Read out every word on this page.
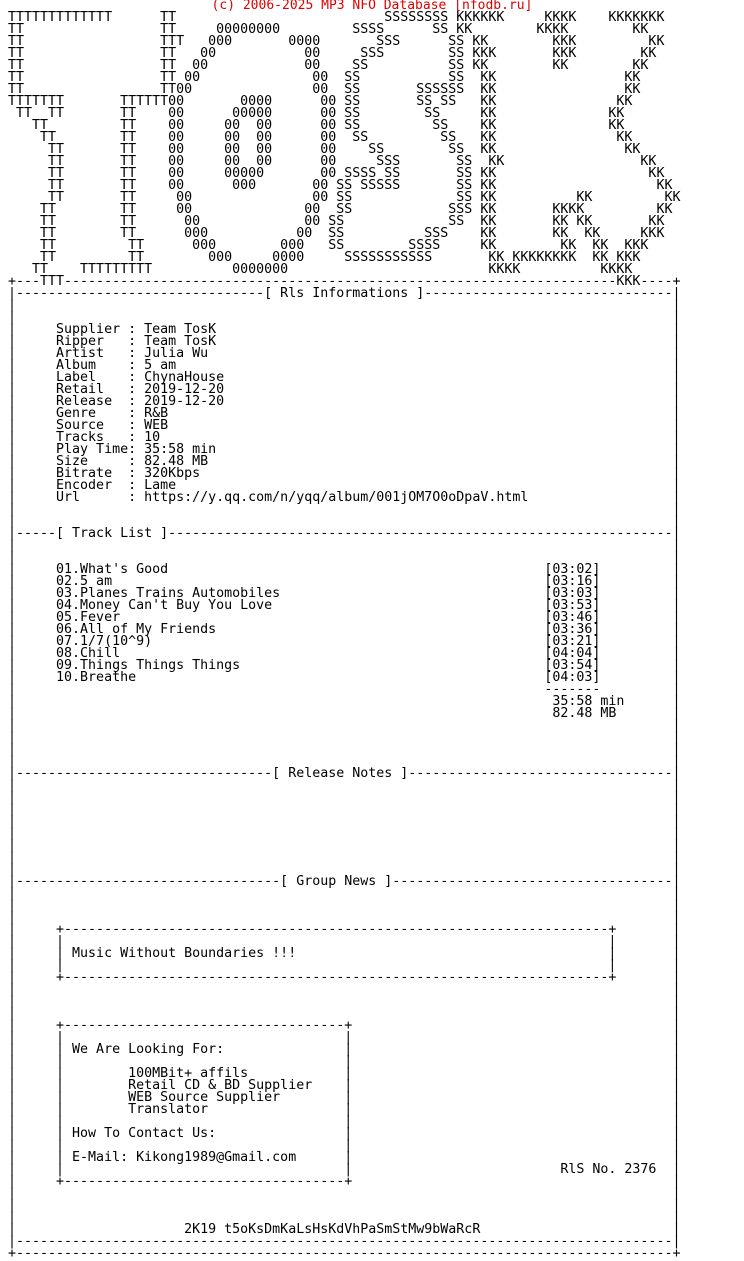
(c) 2006-2025 MP3 NFO Database [nfodb.ru]
TTTTTTTTTTTTT      TT                          SSSSSSSS KKKKKK     KKKK    KKKKKKK
TT                 TT     00000000         SSSS      SS KK        KKKK        KK
TT                 TTT   000       0000       SSS      SS KK        KKK         KK
TT                 TT   00           00     SSS        SS KKK       KKK        KK
TT                 TT  00            00    SS          SS KK        KK        KK
TT                 TT 00              00  SS           SS  KK                KK
TT                 TT00               00  SS       SSSSSS  KK                KK
TTTTTTT       TTTTTT00       0000      00 SS       SS SS   KK               KK
TT  TT       TT    00      00000      00 SS        SS     KK              KK
TT         TT    00     00  00      00 SS         SS    KK              KK
TT        TT    00     00  00      00  SS         SS   KK               KK
TT       TT    00     00  00      00    SS        SS  KK                KK
TT       TT    00     00  00      00     SSS       SS  KK                 KK
TT       TT    00     00000       00 SSSS SS       SS KK                   KK
TT       TT    00      000       00 SS SSSSS       SS KK                    KK
TT       TT     00               00 SS             SS KK          KK         KK
TT        TT     00              00  SS            SSS KK       KKKK         KK
TT        TT      00             00 SS             SS  KK       KK KK       KK
TT        TT      000           00  SS          SSS    KK       KK  KK     KKK
TT         TT      000        000   SS        SSSS     KK        KK  KK  KKK
TT         TT        000     0000     SSSSSSSSSSS       KK KKKKKKKK  KK KKK
TT    TTTTTTTTT          0000000                         KKKK          KKKK
+---TTT---------------------------------------------------------------------KKK----+
|-------------------------------[ Rls Informations ]-------------------------------|
|                                                                                  |
|                                                                                  |
|     Supplier : Team TosK                                                         |
|     Ripper   : Team TosK                                                         |
|     Artist   : Julia Wu                                                          |
|     Album    : 5 am                                                              |
|     Label    : ChynaHouse                                                        |
|     Retail   : 2019-12-20                                                        |
|     Release  : 2019-12-20                                                        |
|     Genre    : R&B                                                               |
|     Source   : WEB                                                               |
|     Tracks   : 10                                                                |
|     Play Time: 35:58 min                                                         |
|     Size     : 82.48 MB                                                          |
|     Bitrate  : 320Kbps                                                           |
|     Encoder  : Lame                                                              |
|     Url      : https://y.qq.com/n/yqq/album/001jOM7O0oDpaV.html                  |
|                                                                                  |
|                                                                                  |
|-----[ Track List ]---------------------------------------------------------------|
|                                                                                  |
|                                                                                  |
|     01.What's Good                                               [03:02]         |
|     02.5 am                                                      [03:16]         |
|     03.Planes Trains Automobiles                                 [03:03]         |
|     04.Money Can't Buy You Love                                  [03:53]         |
|     05.Fever                                                     [03:46]         |
|     06.All of My Friends                                         [03:36]         |
|     07.1/7(10^9)                                                 [03:21]         |
|     08.Chill                                                     [04:04]         |
|     09.Things Things Things                                      [03:54]         |
|     10.Breathe                                                   [04:03]         |
|                                                                  -------         |
|                                                                   35:58 min      |
|                                                                   82.48 MB       |
|                                                                                  |
|                                                                                  |
|                                                                                  |
|                                                                                  |
|--------------------------------[ Release Notes ]---------------------------------|
|                                                                                  |
|                                                                                  |
|                                                                                  |
|                                                                                  |
|                                                                                  |
|                                                                                  |
|                                                                                  |
|                                                                                  |
|---------------------------------[ Group News ]-----------------------------------|
|                                                                                  |
|                                                                                  |
|                                                                                  |
|     +--------------------------------------------------------------------+       |
|     |                                                                    |       |
|     | Music Without Boundaries !!!                                       |       |
|     |                                                                    |       |
|     +--------------------------------------------------------------------+       |
|                                                                                  |
|                                                                                  |
|                                                                                  |
|     +-----------------------------------+                                        |
|     |                                   |                                        |
|     | We Are Looking For:               |                                        |
|     |                                   |                                        |
|     |        100MBit+ affils            |                                        |
|     |        Retail CD & BD Supplier    |                                        |
|     |        WEB Source Supplier        |                                        |
|     |        Translator                 |                                        |
|     |                                   |                                        |
|     | How To Contact Us:                |                                        |
|     |                                   |                                        |
|     | E-Mail: Kikong1989@Gmail.com      |                                        |
|     |                                   |                          RlS No. 2376  |
|     +-----------------------------------+                                        |
|                                                                                  |
|                                                                                  |
|                                                                                  |
|                     2K19 t5oKsDmKaLsHsKdVhPaSmStMw9bWaRcR                        |
|----------------------------------------------------------------------------------|
+----------------------------------------------------------------------------------+
